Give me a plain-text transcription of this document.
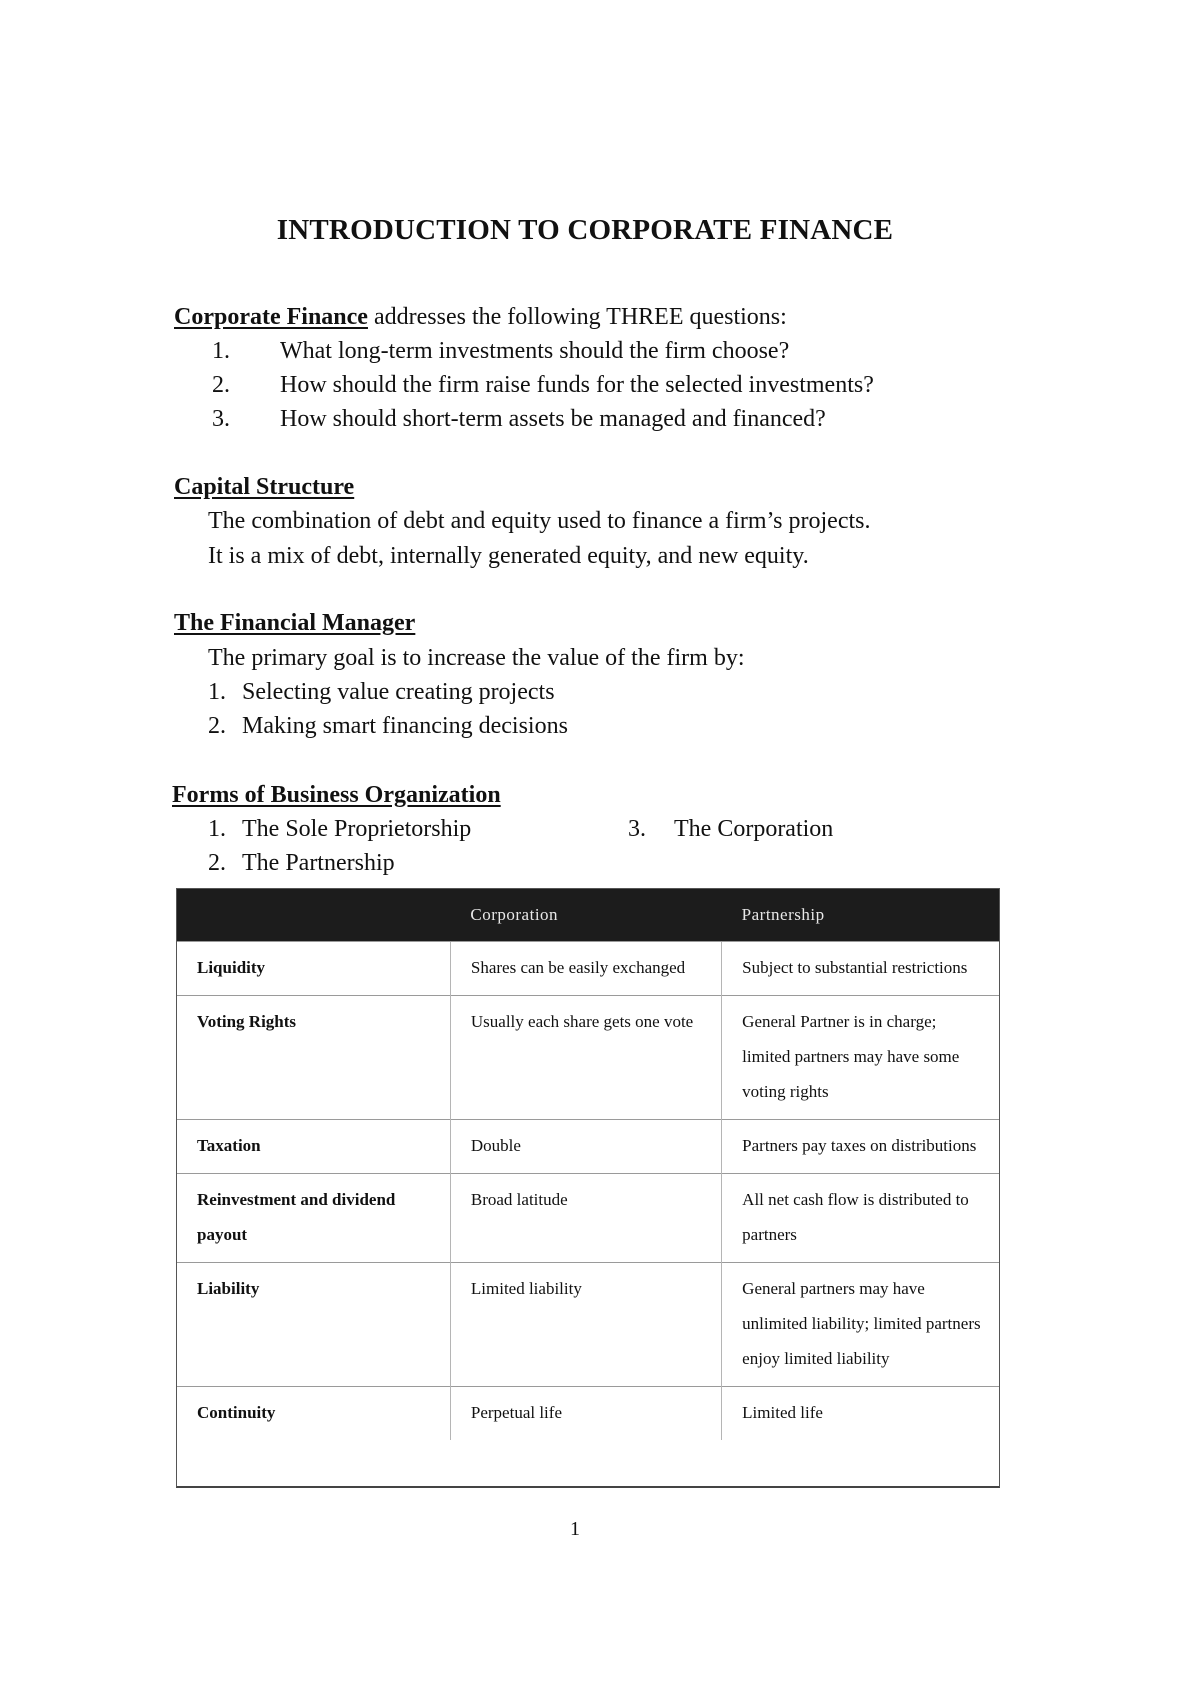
INTRODUCTION TO CORPORATE FINANCE
Corporate Finance addresses the following THREE questions:
1. What long-term investments should the firm choose?
2. How should the firm raise funds for the selected investments?
3. How should short-term assets be managed and financed?
Capital Structure
The combination of debt and equity used to finance a firm’s projects.
It is a mix of debt, internally generated equity, and new equity.
The Financial Manager
The primary goal is to increase the value of the firm by:
1. Selecting value creating projects
2. Making smart financing decisions
Forms of Business Organization
1. The Sole Proprietorship
2. The Partnership
3. The Corporation
	Corporation	Partnership
Liquidity	Shares can be easily exchanged	Subject to substantial restrictions
Voting Rights	Usually each share gets one vote	General Partner is in charge; limited partners may have some voting rights
Taxation	Double	Partners pay taxes on distributions
Reinvestment and dividend payout	Broad latitude	All net cash flow is distributed to partners
Liability	Limited liability	General partners may have unlimited liability; limited partners enjoy limited liability
Continuity	Perpetual life	Limited life
1
